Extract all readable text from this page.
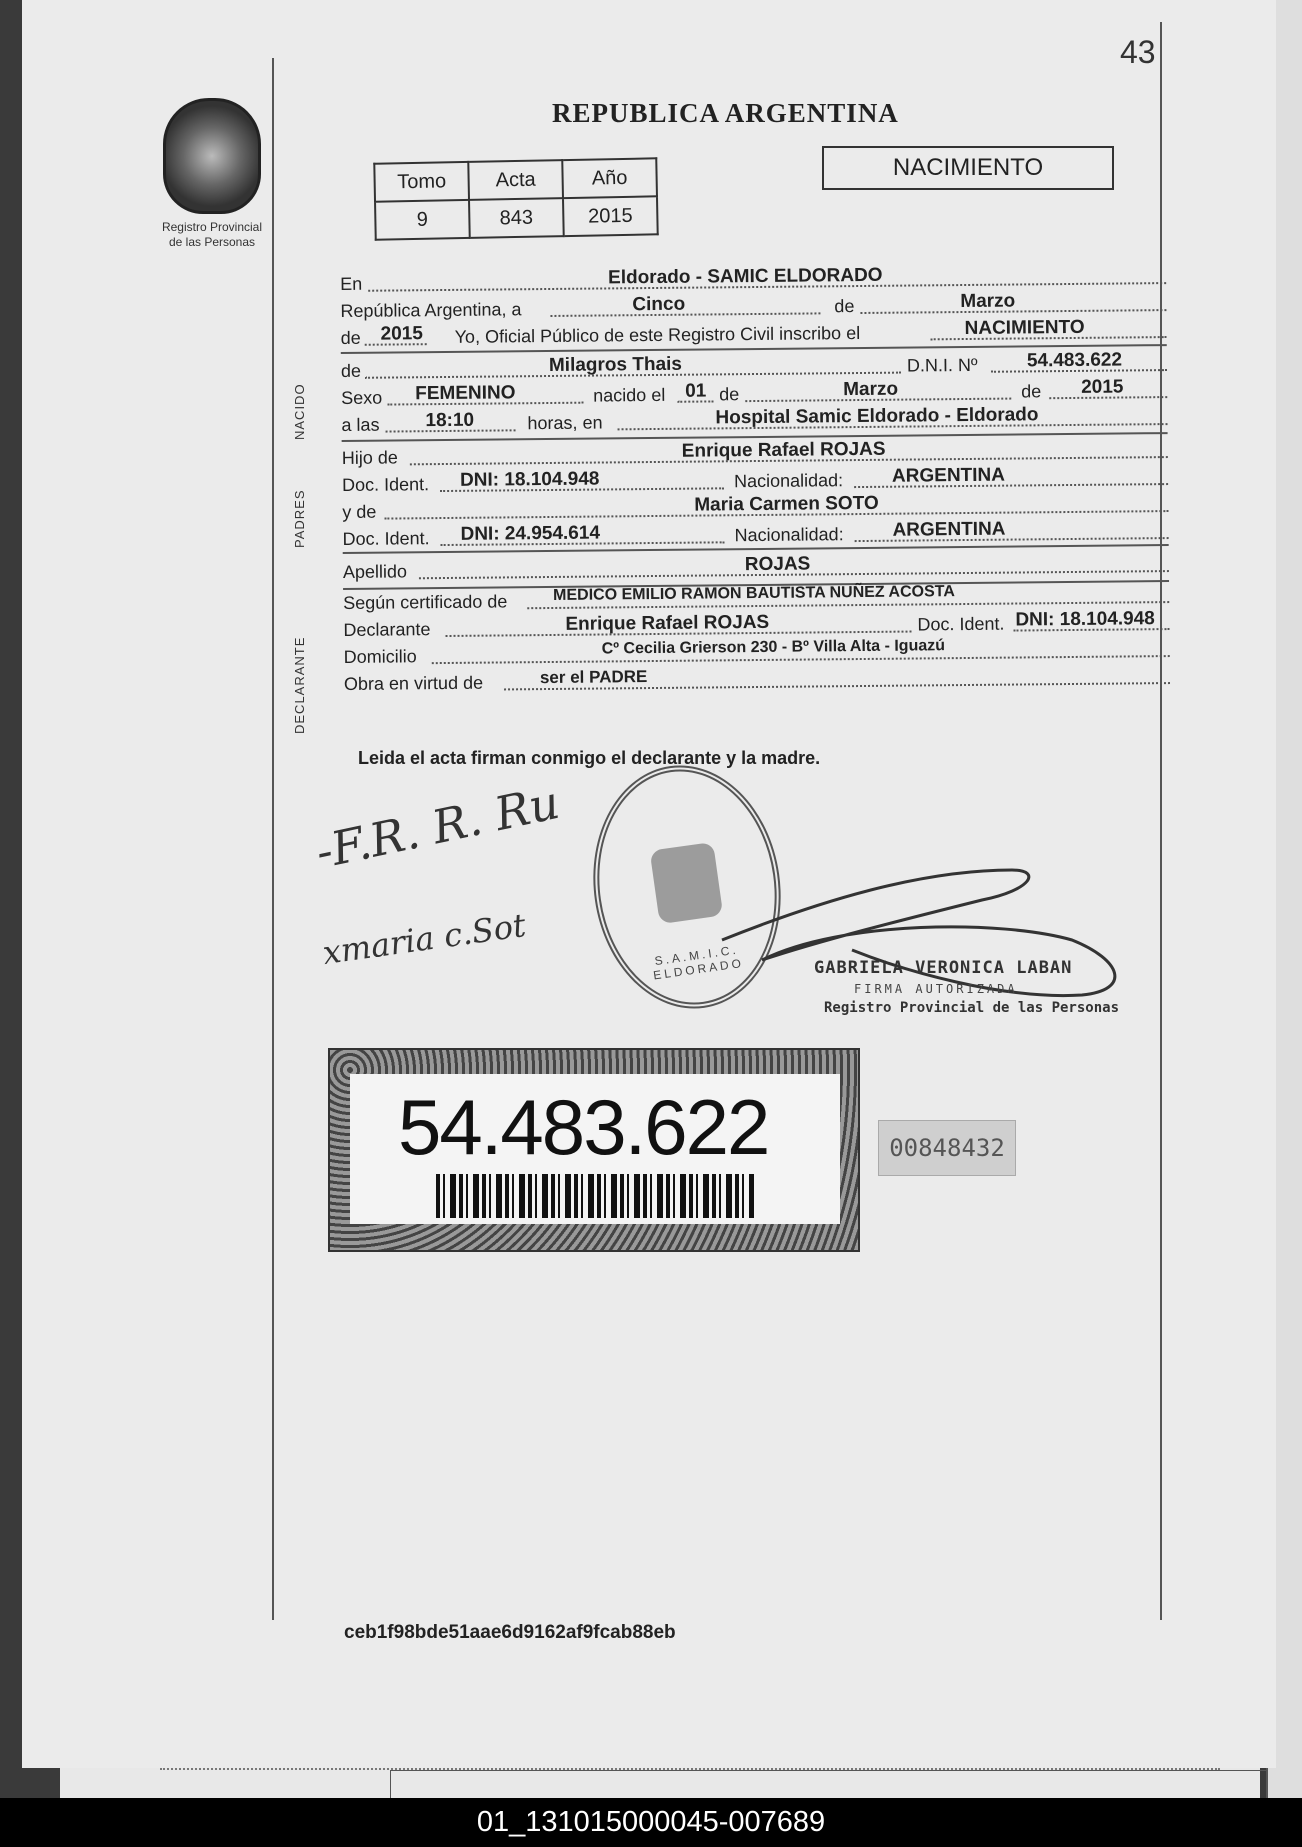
43
Registro Provincial
de las Personas
REPUBLICA ARGENTINA
NACIMIENTO
Tomo	Acta	Año
9	843	2015
En	Eldorado - SAMIC ELDORADO
República Argentina, a	Cinco	de	Marzo
de 2015 Yo, Oficial Público de este Registro Civil inscribo el	NACIMIENTO
de	Milagros Thais	D.N.I. Nº	54.483.622
Sexo FEMENINO	nacido el 01 de	Marzo	de 2015
a las 18:10	horas, en	Hospital Samic Eldorado - Eldorado
Hijo de	Enrique Rafael ROJAS
Doc. Ident. DNI: 18.104.948	Nacionalidad:	ARGENTINA
y de	Maria Carmen SOTO
Doc. Ident. DNI: 24.954.614	Nacionalidad:	ARGENTINA
Apellido	ROJAS
Según certificado de	MEDICO EMILIO RAMON BAUTISTA NUÑEZ ACOSTA
Declarante	Enrique Rafael ROJAS	Doc. Ident. DNI: 18.104.948
Domicilio	Cº Cecilia Grierson 230 - Bº Villa Alta - Iguazú
Obra en virtud de	ser el PADRE
NACIDO
PADRES
DECLARANTE
Leida el acta firman conmigo el declarante y la madre.
-F.R. R. Ru
xmaria c.Sot	S.A.M.I.C. ELDORADO	GABRIELA VERONICA LABAN
FIRMA AUTORIZADA
Registro Provincial de las Personas
54.483.622	00848432
ceb1f98bde51aae6d9162af9fcab88eb
01_131015000045-007689
